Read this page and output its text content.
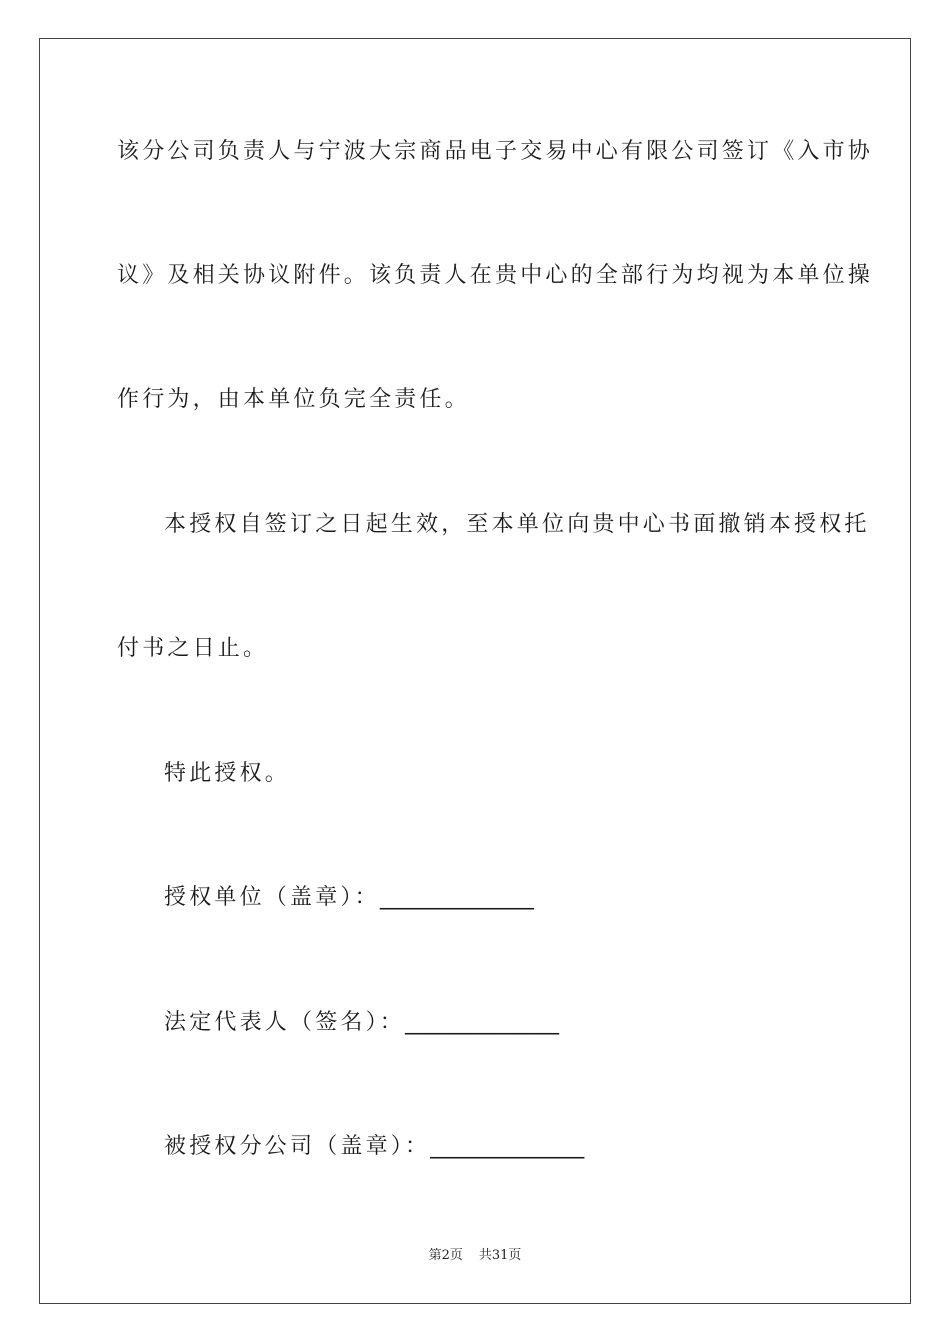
该分公司负责人与宁波大宗商品电子交易中心有限公司签订《入市协
议》及相关协议附件。该负责人在贵中心的全部行为均视为本单位操
作行为，由本单位负完全责任。
本授权自签订之日起生效，至本单位向贵中心书面撤销本授权托
付书之日止。
特此授权。
授权单位（盖章）：______________
法定代表人（签名）：______________
被授权分公司（盖章）：______________
第2页 共31页
